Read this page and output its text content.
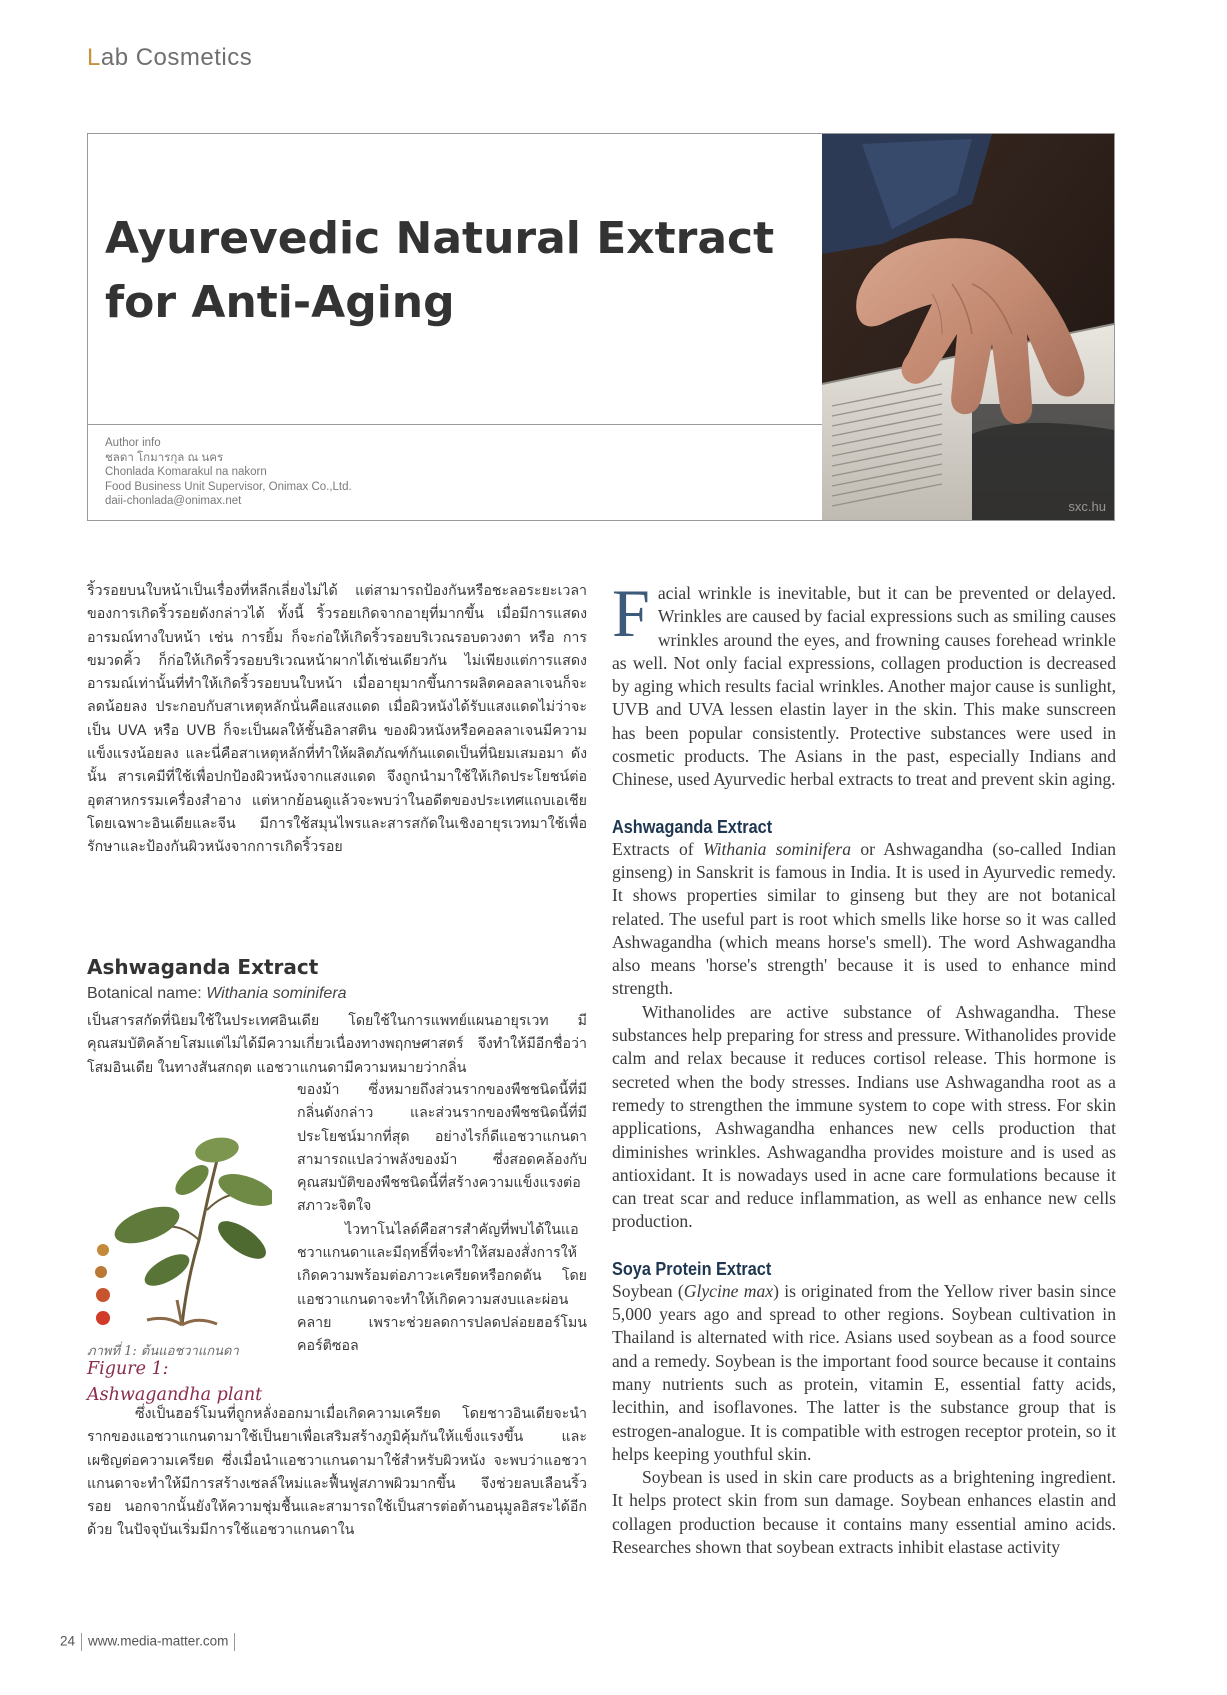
Lab Cosmetics
Ayurevedic Natural Extract
for Anti-Aging
Author info
ชลดา โกมารกุล ณ นคร
Chonlada Komarakul na nakorn
Food Business Unit Supervisor, Onimax Co.,Ltd.
daii-chonlada@onimax.net	sxc.hu

ริ้วรอยบนใบหน้าเป็นเรื่องที่หลีกเลี่ยงไม่ได้ แต่สามารถป้องกันหรือชะลอระยะเวลาของการเกิดริ้วรอยดังกล่าวได้ ทั้งนี้ ริ้วรอยเกิดจากอายุที่มากขึ้น เมื่อมีการแสดงอารมณ์ทางใบหน้า เช่น การยิ้ม ก็จะก่อให้เกิดริ้วรอยบริเวณรอบดวงตา หรือ การขมวดคิ้ว ก็ก่อให้เกิดริ้วรอยบริเวณหน้าผากได้เช่นเดียวกัน ไม่เพียงแต่การแสดงอารมณ์เท่านั้นที่ทำให้เกิดริ้วรอยบนใบหน้า เมื่ออายุมากขึ้นการผลิตคอลลาเจนก็จะลดน้อยลง ประกอบกับสาเหตุหลักนั่นคือแสงแดด เมื่อผิวหนังได้รับแสงแดดไม่ว่าจะเป็น UVA หรือ UVB ก็จะเป็นผลให้ชั้นอิลาสติน ของผิวหนังหรือคอลลาเจนมีความแข็งแรงน้อยลง และนี่คือสาเหตุหลักที่ทำให้ผลิตภัณฑ์กันแดดเป็นที่นิยมเสมอมา ดังนั้น สารเคมีที่ใช้เพื่อปกป้องผิวหนังจากแสงแดด จึงถูกนำมาใช้ให้เกิดประโยชน์ต่ออุตสาหกรรมเครื่องสำอาง แต่หากย้อนดูแล้วจะพบว่าในอดีตของประเทศแถบเอเชีย โดยเฉพาะอินเดียและจีน มีการใช้สมุนไพรและสารสกัดในเชิงอายุรเวทมาใช้เพื่อรักษาและป้องกันผิวหนังจากการเกิดริ้วรอย

Ashwaganda Extract
Botanical name: Withania sominifera

เป็นสารสกัดที่นิยมใช้ในประเทศอินเดีย โดยใช้ในการแพทย์แผนอายุรเวท มีคุณสมบัติคล้ายโสมแต่ไม่ได้มีความเกี่ยวเนื่องทางพฤกษศาสตร์ จึงทำให้มีอีกชื่อว่าโสมอินเดีย ในทางสันสกฤต แอชวาแกนดามีความหมายว่ากลิ่น

ของม้า ซึ่งหมายถึงส่วนรากของพืชชนิดนี้ที่มีกลิ่นดังกล่าว และส่วนรากของพืชชนิดนี้ที่มีประโยชน์มากที่สุด อย่างไรก็ดีแอชวาแกนดาสามารถแปลว่าพลังของม้า ซึ่งสอดคล้องกับคุณสมบัติของพืชชนิดนี้ที่สร้างความแข็งแรงต่อสภาวะจิตใจ

ไวทาโนไลด์คือสารสำคัญที่พบได้ในแอชวาแกนดาและมีฤทธิ์ที่จะทำให้สมองสั่งการให้เกิดความพร้อมต่อภาวะเครียดหรือกดดัน โดยแอชวาแกนดาจะทำให้เกิดความสงบและผ่อนคลาย เพราะช่วยลดการปลดปล่อยฮอร์โมนคอร์ติซอล

ภาพที่ 1: ต้นแอชวาแกนดา
Figure 1: Ashwagandha plant

ซึ่งเป็นฮอร์โมนที่ถูกหลั่งออกมาเมื่อเกิดความเครียด โดยชาวอินเดียจะนำรากของแอชวาแกนดามาใช้เป็นยาเพื่อเสริมสร้างภูมิคุ้มกันให้แข็งแรงขึ้น และเผชิญต่อความเครียด ซึ่งเมื่อนำแอชวาแกนดามาใช้สำหรับผิวหนัง จะพบว่าแอชวาแกนดาจะทำให้มีการสร้างเซลล์ใหม่และฟื้นฟูสภาพผิวมากขึ้น จึงช่วยลบเลือนริ้วรอย นอกจากนั้นยังให้ความชุ่มชื้นและสามารถใช้เป็นสารต่อต้านอนุมูลอิสระได้อีกด้วย ในปัจจุบันเริ่มมีการใช้แอชวาแกนดาใน

Facial wrinkle is inevitable, but it can be prevented or delayed. Wrinkles are caused by facial expressions such as smiling causes wrinkles around the eyes, and frowning causes forehead wrinkle as well. Not only facial expressions, collagen production is decreased by aging which results facial wrinkles. Another major cause is sunlight, UVB and UVA lessen elastin layer in the skin. This make sunscreen has been popular consistently. Protective substances were used in cosmetic products. The Asians in the past, especially Indians and Chinese, used Ayurvedic herbal extracts to treat and prevent skin aging.

Ashwaganda Extract

Extracts of Withania sominifera or Ashwagandha (so-called Indian ginseng) in Sanskrit is famous in India. It is used in Ayurvedic remedy. It shows properties similar to ginseng but they are not botanical related. The useful part is root which smells like horse so it was called Ashwagandha (which means horse's smell). The word Ashwagandha also means 'horse's strength' because it is used to enhance mind strength.

Withanolides are active substance of Ashwagandha. These substances help preparing for stress and pressure. Withanolides provide calm and relax because it reduces cortisol release. This hormone is secreted when the body stresses. Indians use Ashwagandha root as a remedy to strengthen the immune system to cope with stress. For skin applications, Ashwagandha enhances new cells production that diminishes wrinkles. Ashwagandha provides moisture and is used as antioxidant. It is nowadays used in acne care formulations because it can treat scar and reduce inflammation, as well as enhance new cells production.

Soya Protein Extract

Soybean (Glycine max) is originated from the Yellow river basin since 5,000 years ago and spread to other regions. Soybean cultivation in Thailand is alternated with rice. Asians used soybean as a food source and a remedy. Soybean is the important food source because it contains many nutrients such as protein, vitamin E, essential fatty acids, lecithin, and isoflavones. The latter is the substance group that is estrogen-analogue. It is compatible with estrogen receptor protein, so it helps keeping youthful skin.

Soybean is used in skin care products as a brightening ingredient. It helps protect skin from sun damage. Soybean enhances elastin and collagen production because it contains many essential amino acids. Researches shown that soybean extracts inhibit elastase activity

24 www.media-matter.com
